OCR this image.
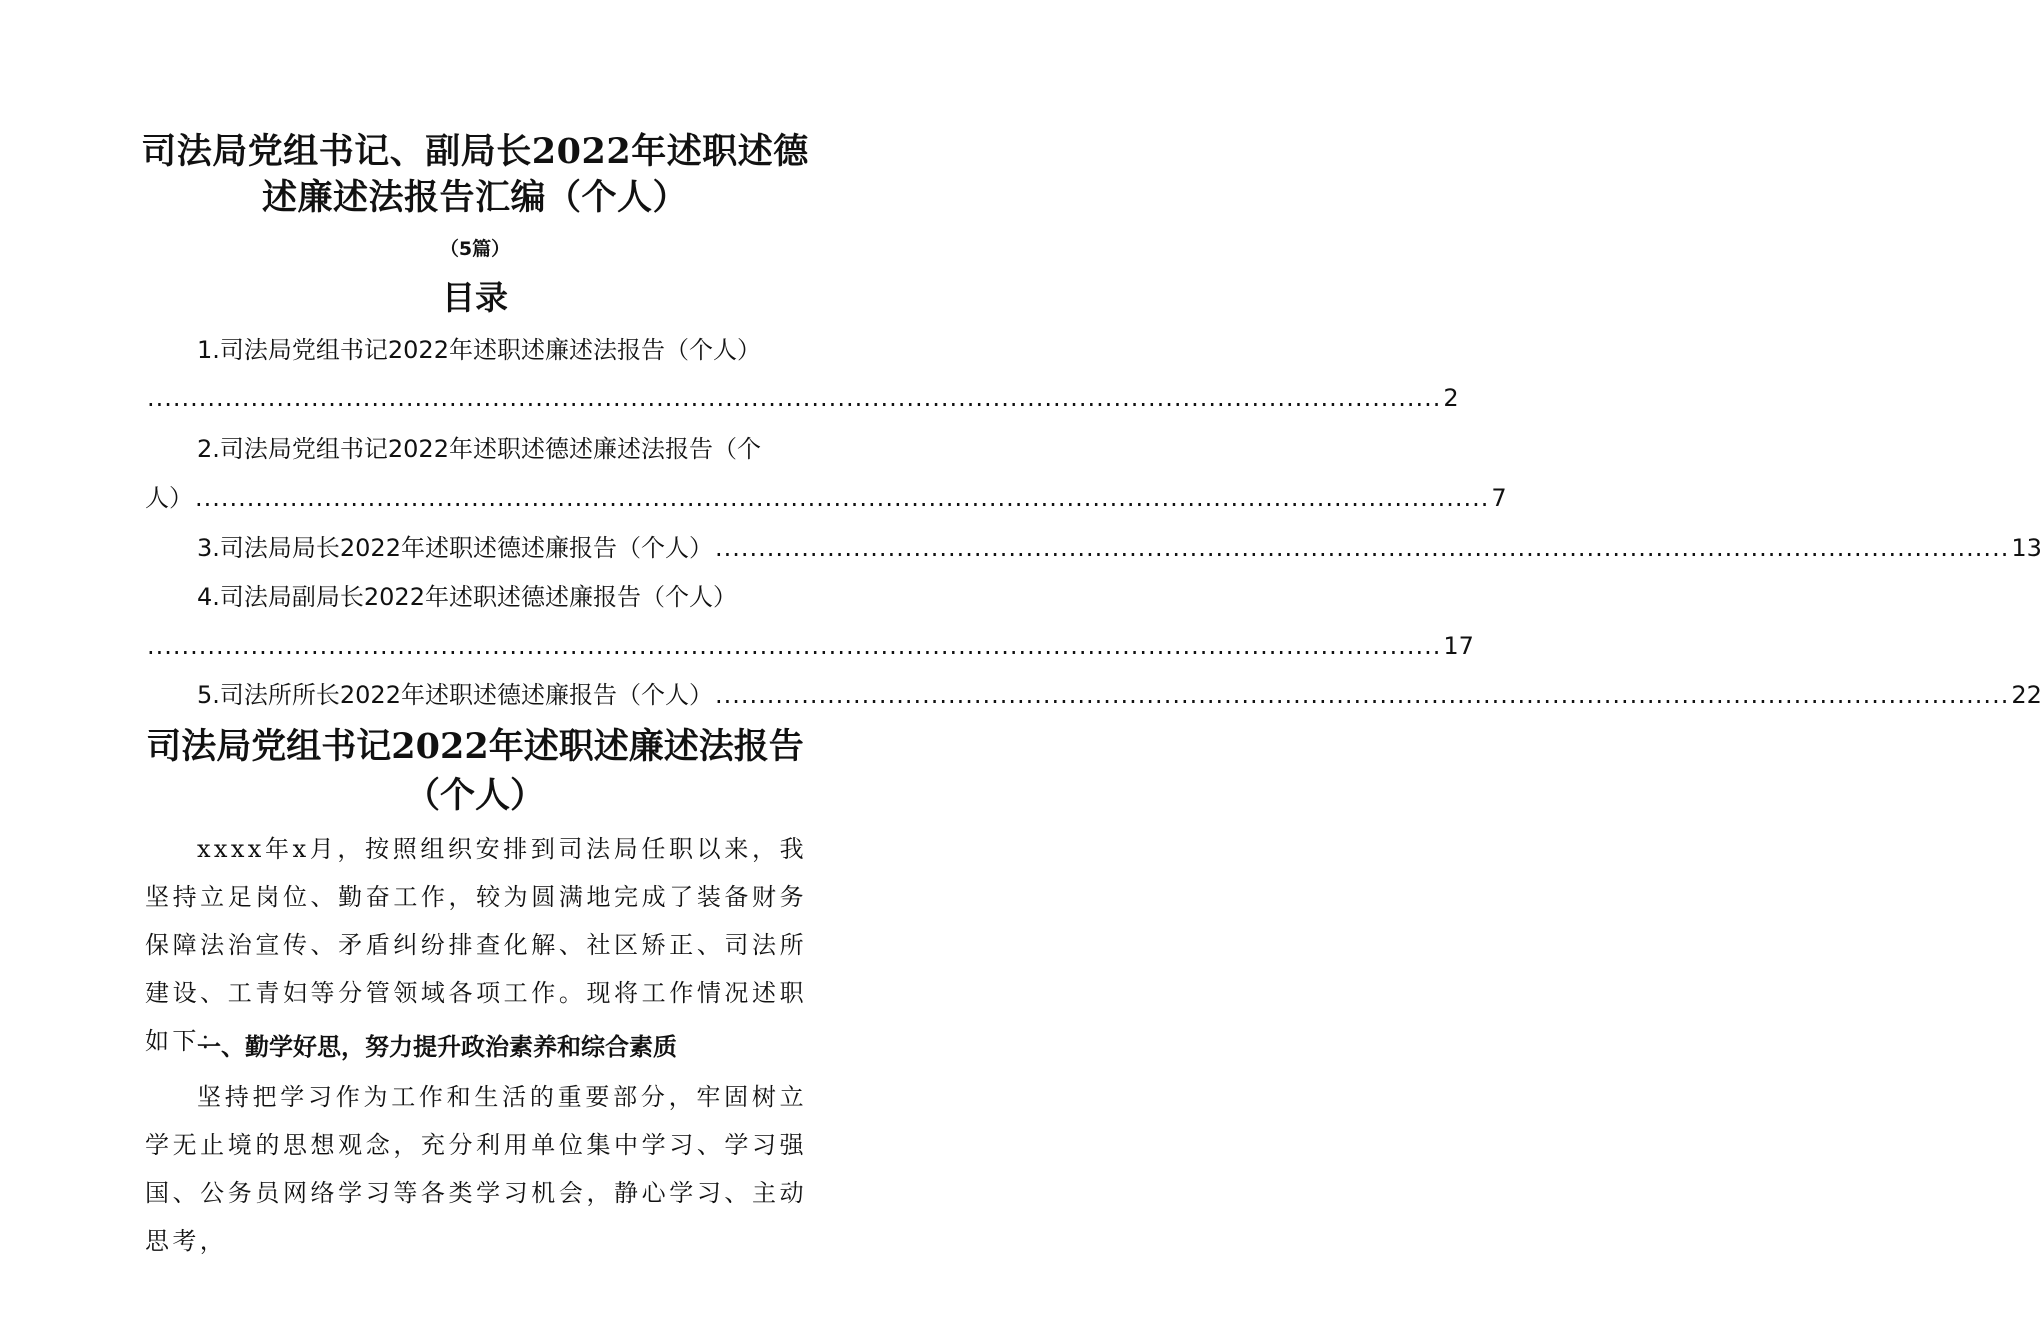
司法局党组书记、副局长2022年述职述德

述廉述法报告汇编（个人）

（5篇）

目录

1.司法局党组书记2022年述职述廉述法报告（个人）

...................................................................................................................................................... 2

2.司法局党组书记2022年述职述德述廉述法报告（个

人） ...................................................................................................................................................... 7
3.司法局局长2022年述职述德述廉报告（个人） ...................................................................................................................................................... 13

4.司法局副局长2022年述职述德述廉报告（个人）

...................................................................................................................................................... 17
5.司法所所长2022年述职述德述廉报告（个人） ...................................................................................................................................................... 22

司法局党组书记2022年述职述廉述法报告

（个人）

xxxx年x月，按照组织安排到司法局任职以来，我坚持立足岗位、勤奋工作，较为圆满地完成了装备财务保障法治宣传、矛盾纠纷排查化解、社区矫正、司法所建设、工青妇等分管领域各项工作。现将工作情况述职如下：

一、勤学好思，努力提升政治素养和综合素质

坚持把学习作为工作和生活的重要部分，牢固树立学无止境的思想观念，充分利用单位集中学习、学习强国、公务员网络学习等各类学习机会，静心学习、主动思考，
